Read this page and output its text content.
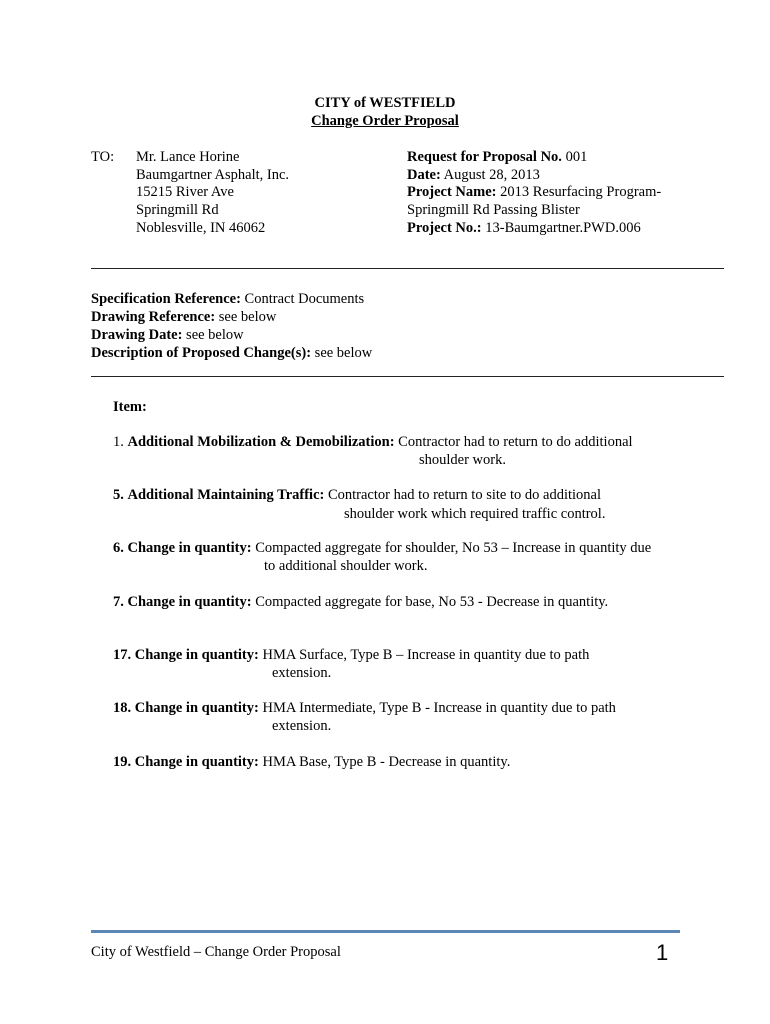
CITY of WESTFIELD
Change Order Proposal
TO: Mr. Lance Horine
Baumgartner Asphalt, Inc.
15215 River Ave
Springmill Rd
Noblesville, IN 46062
Request for Proposal No. 001
Date: August 28, 2013
Project Name: 2013 Resurfacing Program-
Springmill Rd Passing Blister
Project No.: 13-Baumgartner.PWD.006
Specification Reference: Contract Documents
Drawing Reference: see below
Drawing Date: see below
Description of Proposed Change(s): see below
Item:
1. Additional Mobilization & Demobilization: Contractor had to return to do additional
shoulder work.
5. Additional Maintaining Traffic: Contractor had to return to site to do additional
shoulder work which required traffic control.
6. Change in quantity: Compacted aggregate for shoulder, No 53 – Increase in quantity due
to additional shoulder work.
7. Change in quantity: Compacted aggregate for base, No 53 - Decrease in quantity.
17. Change in quantity: HMA Surface, Type B – Increase in quantity due to path
extension.
18. Change in quantity: HMA Intermediate, Type B - Increase in quantity due to path
extension.
19. Change in quantity: HMA Base, Type B - Decrease in quantity.
City of Westfield – Change Order Proposal	1
